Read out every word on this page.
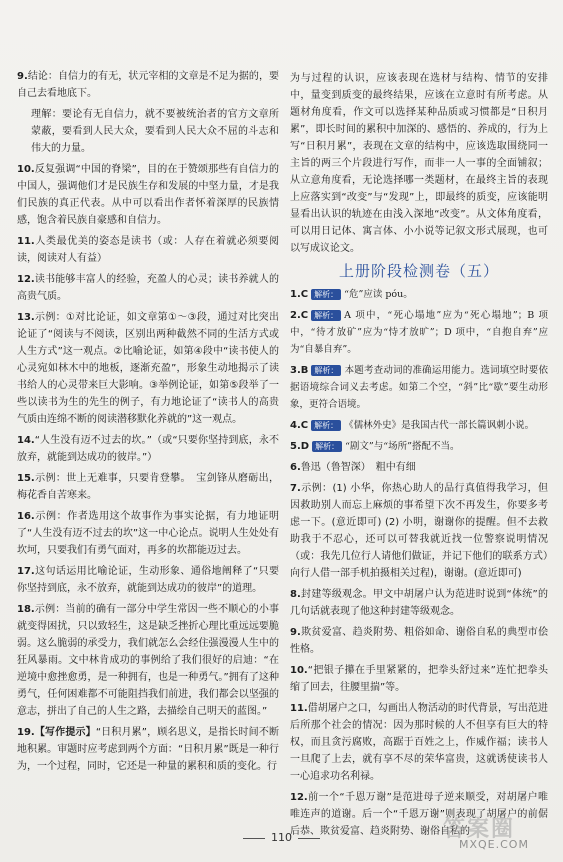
9.结论：自信力的有无，状元宰相的文章是不足为据的，要自己去看地底下。
理解：要论有无自信力，就不要被统治者的官方文章所蒙蔽，要看到人民大众，要看到人民大众不屈的斗志和伟大的力量。
10.反复强调“中国的脊梁”，目的在于赞颂那些有自信力的中国人，强调他们才是民族生存和发展的中坚力量，才是我们民族的真正代表。从中可以看出作者怀着深厚的民族情感，饱含着民族自豪感和自信力。
11.人类最优美的姿态是读书（或：人存在着就必须要阅读，阅读对人有益）
12.读书能够丰富人的经验，充盈人的心灵；读书养就人的高贵气质。
13.示例：①对比论证，如文章第①～③段，通过对比突出论证了“阅读与不阅读，区别出两种截然不同的生活方式或人生方式”这一观点。②比喻论证，如第④段中“读书使人的心灵宛如林木中的地板，逐渐充盈”，形象生动地揭示了读书给人的心灵带来巨大影响。③举例论证，如第⑤段举了一些以读书为生的先生的例子，有力地论证了“读书人的高贵气质由连绵不断的阅读潜移默化养就的”这一观点。
14.“人生没有迈不过去的坎。”（或“只要你坚持到底，永不放弃，就能到达成功的彼岸。”）
15.示例：世上无难事，只要肯登攀。　宝剑锋从磨砺出，梅花香自苦寒来。
16.示例：作者选用这个故事作为事实论据，有力地证明了“人生没有迈不过去的坎”这一中心论点。说明人生处处有坎坷，只要我们有勇气面对，再多的坎都能迈过去。
17.这句话运用比喻论证，生动形象、通俗地阐释了“只要你坚持到底，永不放弃，就能到达成功的彼岸”的道理。
18.示例：当前的确有一部分中学生常因一些不顺心的小事就变得困扰，只以致轻生，这是缺乏挫折心理比重远远要脆弱。这么脆弱的承受力，我们就怎么会经住强漫漫人生中的狂风暴雨。文中林肯成功的事例给了我们很好的启迪：“在逆境中愈挫愈勇，是一种拥有，也是一种勇气。”拥有了这种勇气，任何困难都不可能阻挡我们前进，我们都会以坚强的意志，拼出了自己的人生之路，去描绘自己明天的蓝图。”
19.【写作提示】“日积月累”，顾名思义，是指长时间不断地积累。审题时应考虑到两个方面：“日积月累”既是一种行为，一个过程，同时，它还是一种量的累积和质的变化。行
为与过程的认识，应该表现在选材与结构、情节的安排中，量变到质变的最终结果，应该在立意时有所考虑。从题材角度看，作文可以选择某种品质或习惯都是“日积月累”，即长时间的累积中加深的、感悟的、养成的，行为上写“日积月累”，表现在文章的结构中，应该选取围绕同一主旨的两三个片段进行写作，而非一人一事的全面铺叙；从立意角度看，无论选择哪一类题材，在最终主旨的表现上应落实到“改变”与“发现”上，即最终的质变，应该能明显看出认识的轨迹在由浅入深地“改变”。从文体角度看，可以用日记体、寓言体、小小说等记叙文形式展现，也可以写成议论文。
上册阶段检测卷（五）
1.C 解析： “危”应读 póu。
2.C 解析： A 项中，“死心塌地”应为“死心塌地”；B 项中，“待才放矿”应为“恃才放旷”；D 项中，“自抱自弃”应为“自暴自弃”。
3.B 解析： 本题考查动词的准确运用能力。选词填空时要依据语境综合词义去考虑。如第二个空，“斜”比“歇”要生动形象，更符合语境。
4.C 解析： 《儒林外史》是我国古代一部长篇讽刺小说。
5.D 解析： “剧文”与“场所”搭配不当。
6.鲁迅（鲁智深）　粗中有细
7.示例：(1) 小华，你热心助人的品行真值得我学习，但因救助别人而忘上麻烦的事希望下次不再发生，你要多考虑一下。(意近即可) (2) 小明，谢谢你的提醒。但不去救助我于不忍心，还可以可替我就近找一位警察说明情况（或：我先几位行人请他们做证，并记下他们的联系方式）向行人借一部手机拍摄相关过程)，谢谢。(意近即可)
8.封建等级观念。甲文中胡屠户认为范进时说到“体统”的几句话就表现了他这种封建等级观念。
9.欺贫爱富、趋炎附势、粗俗如命、谢俗自私的典型市侩性格。
10.“把银子攥在手里紧紧的，把拳头舒过来”连忙把拳头缩了回去，往腰里揣”等。
11.借胡屠户之口，勾画出人物活动的时代背景，写出范进后所那个社会的情况：因为那时候的人不但享有巨大的特权，而且贪污腐败，高踞于百姓之上，作威作福；读书人一旦爬了上去，就有享不尽的荣华富贵，这就诱使读书人一心追求功名利禄。
12.前一个“千恩万谢”是范进母子逆来顺受，对胡屠户唯唯连声的道谢。后一个“千恩万谢”则表现了胡屠户的前倨后恭、欺贫爱富、趋炎附势、谢俗自私的
110	答案圈
MXQE.COM
